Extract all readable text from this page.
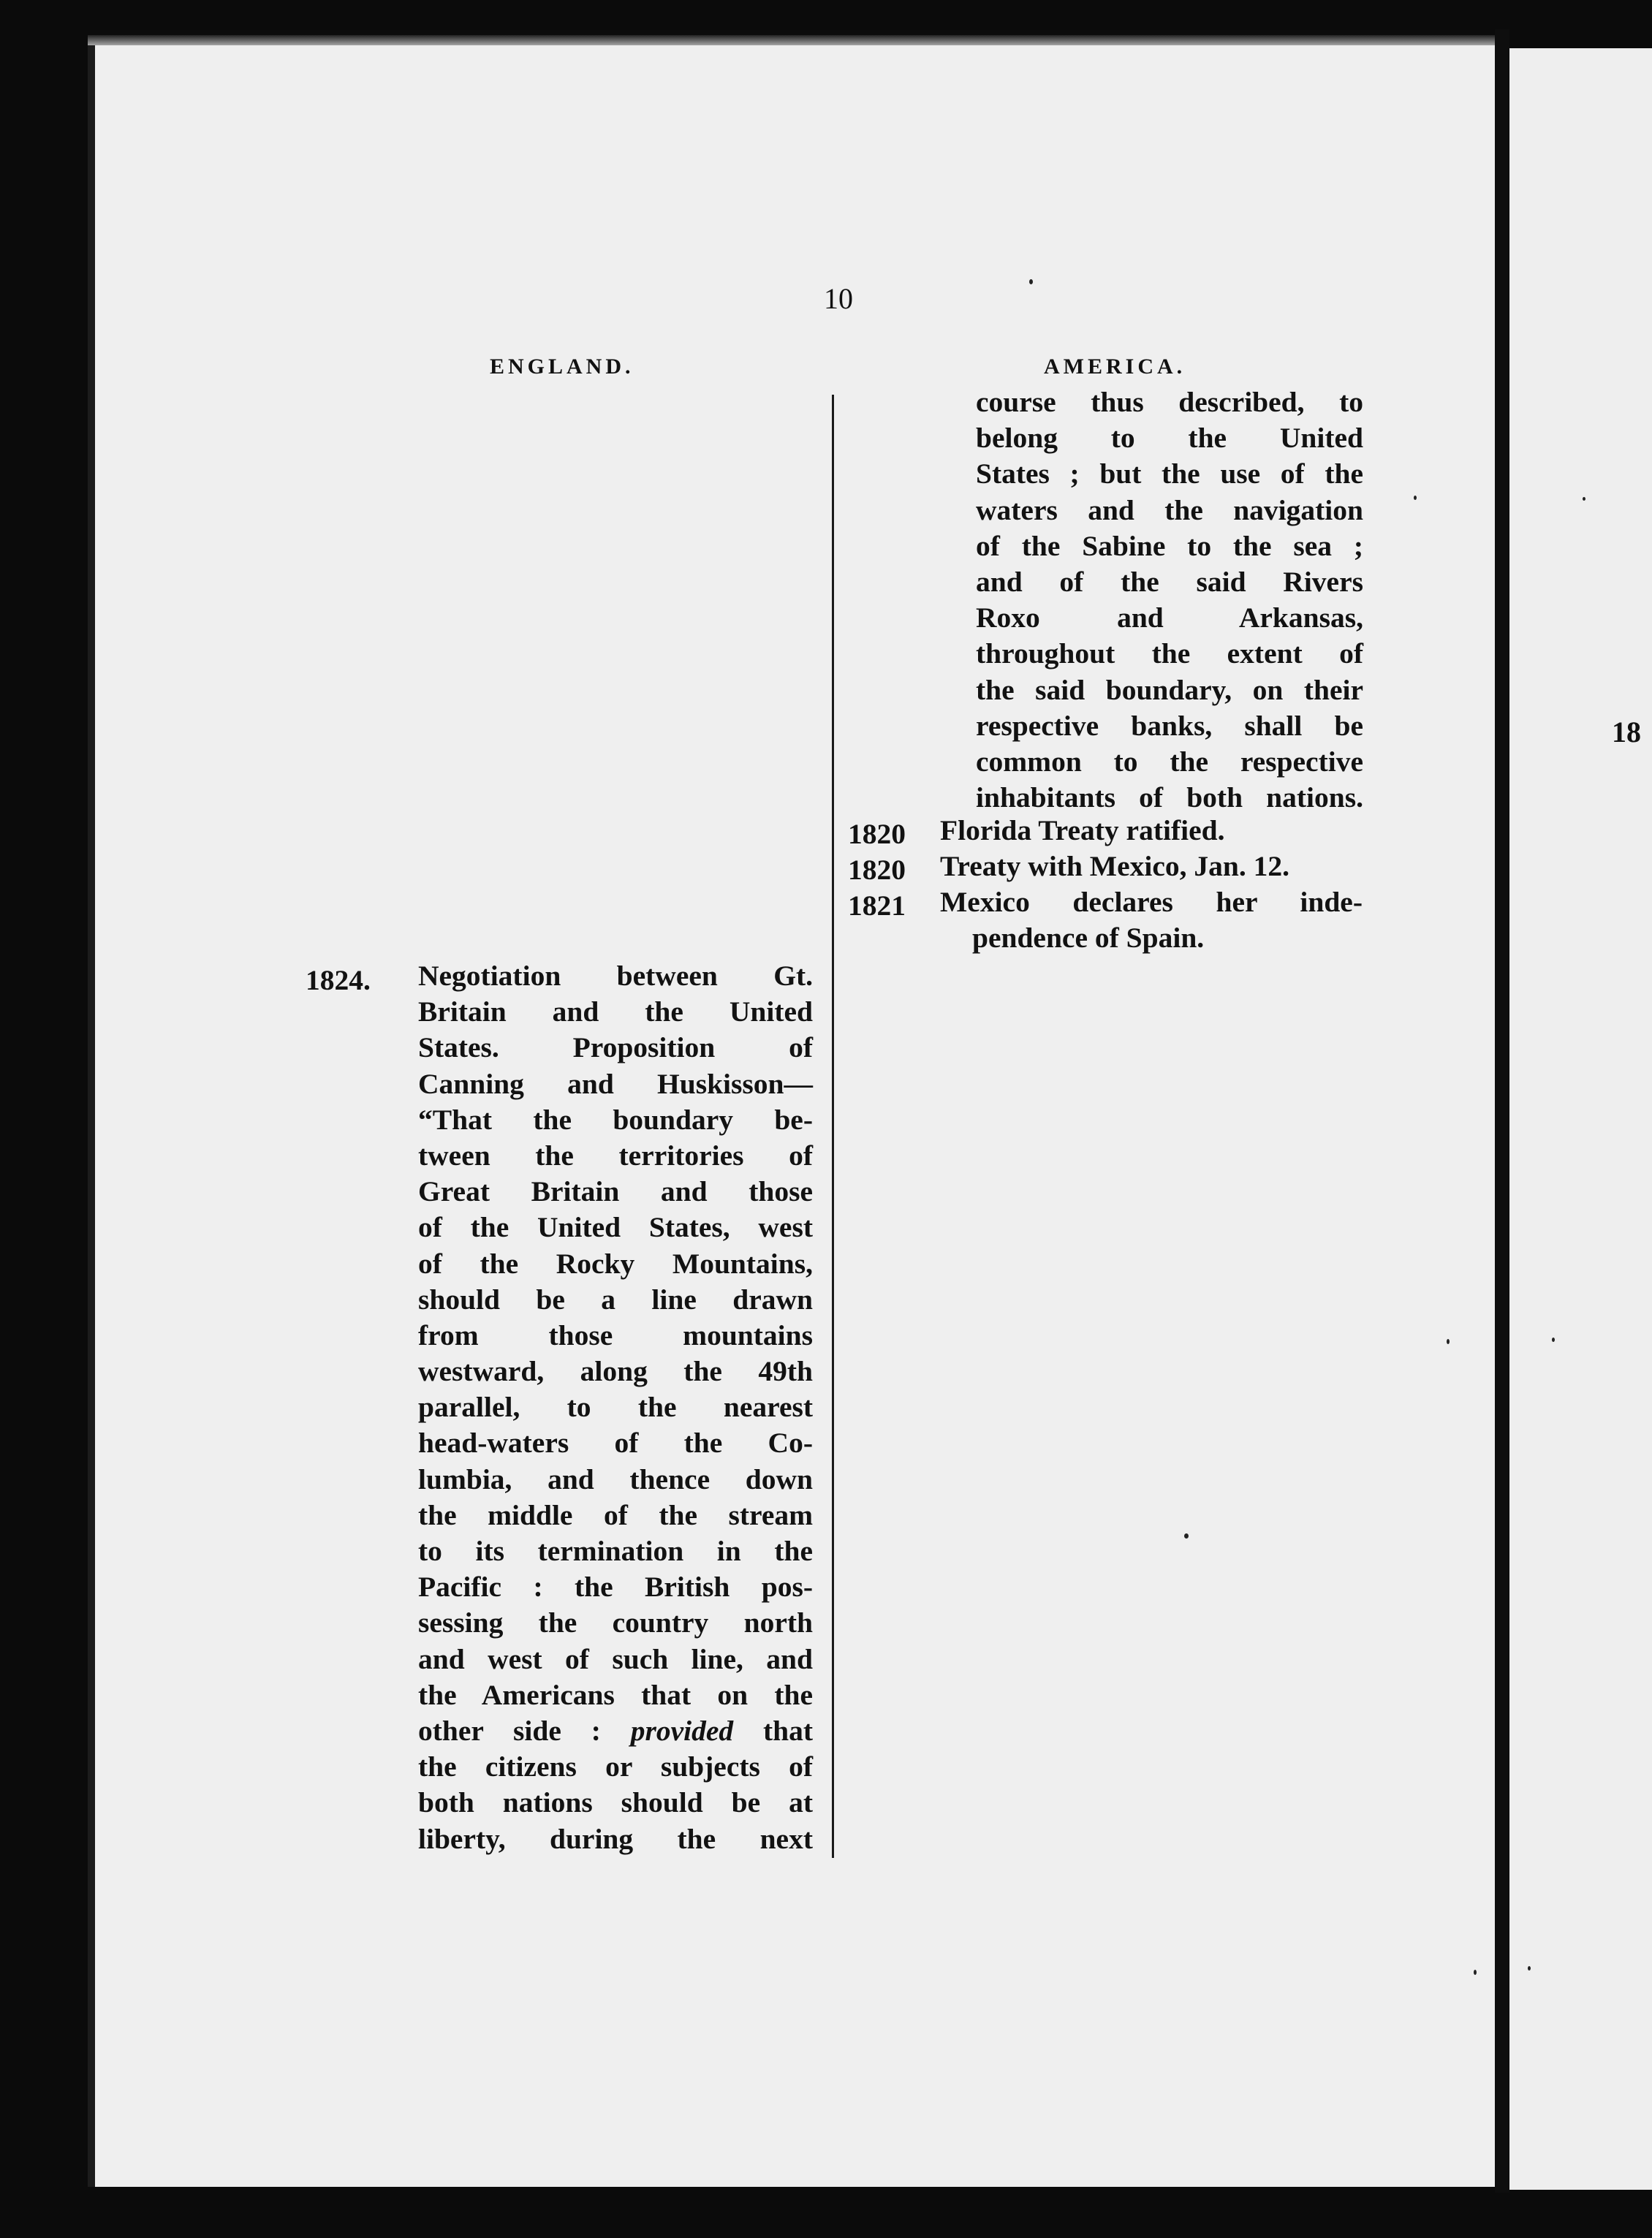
10
ENGLAND.	AMERICA.
course thus described, to
belong to the United
States ; but the use of the
waters and the navigation
of the Sabine to the sea ;
and of the said Rivers
Roxo and Arkansas,
throughout the extent of
the said boundary, on their
respective banks, shall be
common to the respective
inhabitants of both nations.
1820 Florida Treaty ratified.
1820 Treaty with Mexico, Jan. 12.
1821 Mexico declares her inde-
pendence of Spain.
1824. Negotiation between Gt.
Britain and the United
States. Proposition of
Canning and Huskisson—
“That the boundary be-
tween the territories of
Great Britain and those
of the United States, west
of the Rocky Mountains,
should be a line drawn
from those mountains
westward, along the 49th
parallel, to the nearest
head-waters of the Co-
lumbia, and thence down
the middle of the stream
to its termination in the
Pacific : the British pos-
sessing the country north
and west of such line, and
the Americans that on the
other side : provided that
the citizens or subjects of
both nations should be at
liberty, during the next
18
